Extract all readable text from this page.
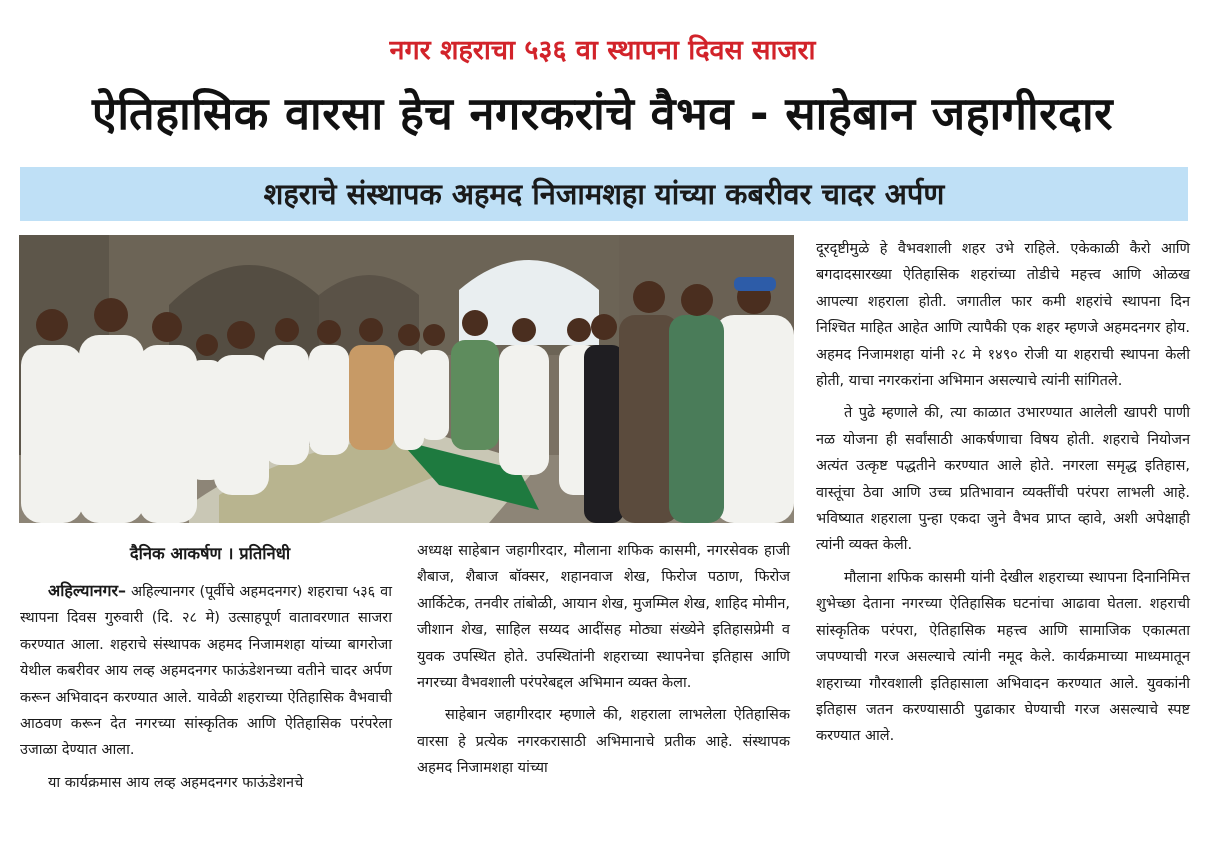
नगर शहराचा ५३६ वा स्थापना दिवस साजरा
ऐतिहासिक वारसा हेच नगरकरांचे वैभव - साहेबान जहागीरदार
शहराचे संस्थापक अहमद निजामशहा यांच्या कबरीवर चादर अर्पण
दैनिक आकर्षण । प्रतिनिधी

अहिल्यानगर– अहिल्यानगर (पूर्वीचे अहमदनगर) शहराचा ५३६ वा स्थापना दिवस गुरुवारी (दि. २८ मे) उत्साहपूर्ण वातावरणात साजरा करण्यात आला. शहराचे संस्थापक अहमद निजामशहा यांच्या बागरोजा येथील कबरीवर आय लव्ह अहमदनगर फाऊंडेशनच्या वतीने चादर अर्पण करून अभिवादन करण्यात आले. यावेळी शहराच्या ऐतिहासिक वैभवाची आठवण करून देत नगरच्या सांस्कृतिक आणि ऐतिहासिक परंपरेला उजाळा देण्यात आला.

या कार्यक्रमास आय लव्ह अहमदनगर फाऊंडेशनचे

अध्यक्ष साहेबान जहागीरदार, मौलाना शफिक कासमी, नगरसेवक हाजी शैबाज, शैबाज बॉक्सर, शहानवाज शेख, फिरोज पठाण, फिरोज आर्किटेक, तनवीर तांबोळी, आयान शेख, मुजम्मिल शेख, शाहिद मोमीन, जीशान शेख, साहिल सय्यद आदींसह मोठ्या संख्येने इतिहासप्रेमी व युवक उपस्थित होते. उपस्थितांनी शहराच्या स्थापनेचा इतिहास आणि नगरच्या वैभवशाली परंपरेबद्दल अभिमान व्यक्त केला.

साहेबान जहागीरदार म्हणाले की, शहराला लाभलेला ऐतिहासिक वारसा हे प्रत्येक नगरकरासाठी अभिमानाचे प्रतीक आहे. संस्थापक अहमद निजामशहा यांच्या

दूरदृष्टीमुळे हे वैभवशाली शहर उभे राहिले. एकेकाळी कैरो आणि बगदादसारख्या ऐतिहासिक शहरांच्या तोडीचे महत्त्व आणि ओळख आपल्या शहराला होती. जगातील फार कमी शहरांचे स्थापना दिन निश्चित माहित आहेत आणि त्यापैकी एक शहर म्हणजे अहमदनगर होय. अहमद निजामशहा यांनी २८ मे १४९० रोजी या शहराची स्थापना केली होती, याचा नगरकरांना अभिमान असल्याचे त्यांनी सांगितले.

ते पुढे म्हणाले की, त्या काळात उभारण्यात आलेली खापरी पाणी नळ योजना ही सर्वांसाठी आकर्षणाचा विषय होती. शहराचे नियोजन अत्यंत उत्कृष्ट पद्धतीने करण्यात आले होते. नगरला समृद्ध इतिहास, वास्तूंचा ठेवा आणि उच्च प्रतिभावान व्यक्तींची परंपरा लाभली आहे. भविष्यात शहराला पुन्हा एकदा जुने वैभव प्राप्त व्हावे, अशी अपेक्षाही त्यांनी व्यक्त केली.

मौलाना शफिक कासमी यांनी देखील शहराच्या स्थापना दिनानिमित्त शुभेच्छा देताना नगरच्या ऐतिहासिक घटनांचा आढावा घेतला. शहराची सांस्कृतिक परंपरा, ऐतिहासिक महत्त्व आणि सामाजिक एकात्मता जपण्याची गरज असल्याचे त्यांनी नमूद केले. कार्यक्रमाच्या माध्यमातून शहराच्या गौरवशाली इतिहासाला अभिवादन करण्यात आले. युवकांनी इतिहास जतन करण्यासाठी पुढाकार घेण्याची गरज असल्याचे स्पष्ट करण्यात आले.
